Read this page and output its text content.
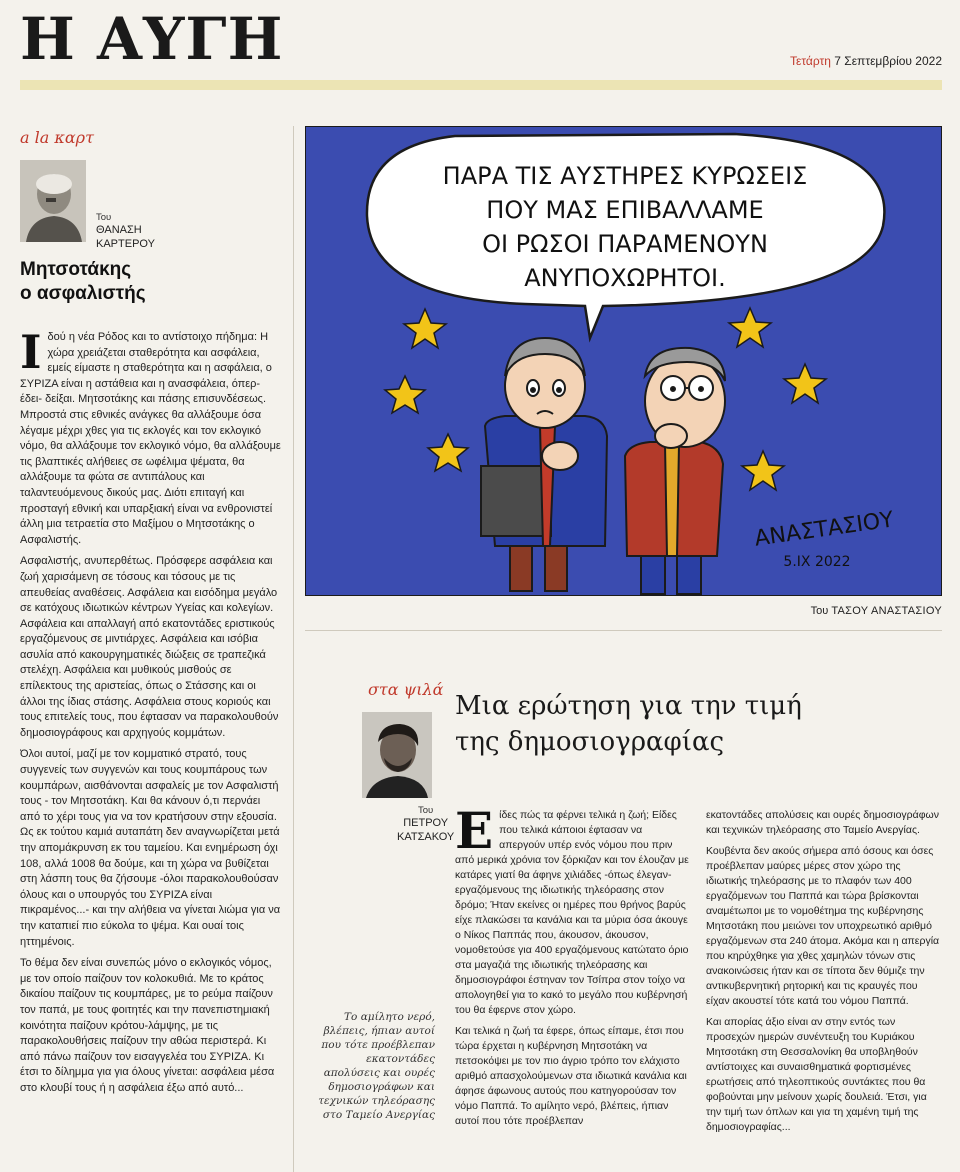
Η ΑΥΓΗ	Τετάρτη 7 Σεπτεμβρίου 2022
a la καρτ
Του
ΘΑΝΑΣΗ
ΚΑΡΤΕΡΟΥ
Μητσοτάκης
ο ασφαλιστής

Ιδού η νέα Ρόδος και το αντίστοιχο πήδημα: Η χώρα χρειάζεται σταθερότητα και ασφάλεια, εμείς είμαστε η σταθερότητα και η ασφάλεια, ο ΣΥΡΙΖΑ είναι η αστάθεια και η ανασφάλεια, όπερ-έδει- δείξαι. Μητσοτάκης και πάσης επισυνδέσεως. Μπροστά στις εθνικές ανάγκες θα αλλάξουμε όσα λέγαμε μέχρι χθες για τις εκλογές και τον εκλογικό νόμο, θα αλλάξουμε τον εκλογικό νόμο, θα αλλάξουμε τις βλαπτικές αλήθειες σε ωφέλιμα ψέματα, θα αλλάξουμε τα φώτα σε αντιπάλους και ταλαντευόμενους δικούς μας. Διότι επιταγή και προσταγή εθνική και υπαρξιακή είναι να ενθρονιστεί άλλη μια τετραετία στο Μαξίμου ο Μητσοτάκης ο Ασφαλιστής.

Ασφαλιστής, ανυπερθέτως. Πρόσφερε ασφάλεια και ζωή χαρισάμενη σε τόσους και τόσους με τις απευθείας αναθέσεις. Ασφάλεια και εισόδημα μεγάλο σε κατόχους ιδιωτικών κέντρων Υγείας και κολεγίων. Ασφάλεια και απαλλαγή από εκατοντάδες εριστικούς εργαζόμενους σε μιντιάρχες. Ασφάλεια και ισόβια ασυλία από κακουργηματικές διώξεις σε τραπεζικά στελέχη. Ασφάλεια και μυθικούς μισθούς σε επίλεκτους της αριστείας, όπως ο Στάσσης και οι άλλοι της ίδιας στάσης. Ασφάλεια στους κοριούς και τους επιτελείς τους, που έφτασαν να παρακολουθούν δημοσιογράφους και αρχηγούς κομμάτων.

Όλοι αυτοί, μαζί με τον κομματικό στρατό, τους συγγενείς των συγγενών και τους κουμπάρους των κουμπάρων, αισθάνονται ασφαλείς με τον Ασφαλιστή τους - τον Μητσοτάκη. Και θα κάνουν ό,τι περνάει από το χέρι τους για να τον κρατήσουν στην εξουσία. Ως εκ τούτου καμιά αυταπάτη δεν αναγνωρίζεται μετά την απομάκρυνση εκ του ταμείου. Και ενημέρωση όχι 108, αλλά 1008 θα δούμε, και τη χώρα να βυθίζεται στη λάσπη τους θα ζήσουμε -όλοι παρακολουθούσαν όλους και ο υπουργός του ΣΥΡΙΖΑ είναι πικραμένος...- και την αλήθεια να γίνεται λιώμα για να την καταπιεί πιο εύκολα το ψέμα. Και ουαί τοις ηττημένοις.

Το θέμα δεν είναι συνεπώς μόνο ο εκλογικός νόμος, με τον οποίο παίζουν τον κολοκυθιά. Με το κράτος δικαίου παίζουν τις κουμπάρες, με το ρεύμα παίζουν τον παπά, με τους φοιτητές και την πανεπιστημιακή κοινότητα παίζουν κρότου-λάμψης, με τις παρακολουθήσεις παίζουν την αθώα περιστερά. Κι από πάνω παίζουν τον εισαγγελέα του ΣΥΡΙΖΑ. Κι έτσι το δίλημμα για για όλους γίνεται: ασφάλεια μέσα στο κλουβί τους ή η ασφάλεια έξω από αυτό...

ΠΑΡΑ ΤΙΣ ΑΥΣΤΗΡΕΣ ΚΥΡΩΣΕΙΣ
ΠΟΥ ΜΑΣ ΕΠΙΒΑΛΛΑΜΕ
ΟΙ ΡΩΣΟΙ ΠΑΡΑΜΕΝΟΥΝ
ΑΝΥΠΟΧΩΡΗΤΟΙ.
ΑΝΑΣΤΑΣΙΟΥ
5.IX 2022
Του ΤΑΣΟΥ ΑΝΑΣΤΑΣΙΟΥ
στα ψιλά
Του
ΠΕΤΡΟΥ
ΚΑΤΣΑΚΟΥ
Μια ερώτηση για την τιμή
της δημοσιογραφίας
Το αμίλητο νερό, βλέπεις, ήπιαν αυτοί που τότε προέβλεπαν εκατοντάδες απολύσεις και ουρές δημοσιογράφων και τεχνικών τηλεόρασης στο Ταμείο Ανεργίας

Είδες πώς τα φέρνει τελικά η ζωή; Είδες που τελικά κάποιοι έφτασαν να απεργούν υπέρ ενός νόμου που πριν από μερικά χρόνια τον ξόρκιζαν και τον έλουζαν με κατάρες γιατί θα άφηνε χιλιάδες -όπως έλεγαν- εργαζόμενους της ιδιωτικής τηλεόρασης στον δρόμο; Ήταν εκείνες οι ημέρες που θρήνος βαρύς είχε πλακώσει τα κανάλια και τα μύρια όσα άκουγε ο Νίκος Παππάς που, άκουσον, άκουσον, νομοθετούσε για 400 εργαζόμενους κατώτατο όριο στα μαγαζιά της ιδιωτικής τηλεόρασης και δημοσιογράφοι έστηναν τον Τσίπρα στον τοίχο να απολογηθεί για το κακό το μεγάλο που κυβέρνησή του θα έφερνε στον χώρο.

Και τελικά η ζωή τα έφερε, όπως είπαμε, έτσι που τώρα έρχεται η κυβέρνηση Μητσοτάκη να πετσοκόψει με τον πιο άγριο τρόπο τον ελάχιστο αριθμό απασχολούμενων στα ιδιωτικά κανάλια και άφησε άφωνους αυτούς που κατηγορούσαν τον νόμο Παππά. Το αμίλητο νερό, βλέπεις, ήπιαν αυτοί που τότε προέβλεπαν

εκατοντάδες απολύσεις και ουρές δημοσιογράφων και τεχνικών τηλεόρασης στο Ταμείο Ανεργίας.

Κουβέντα δεν ακούς σήμερα από όσους και όσες προέβλεπαν μαύρες μέρες στον χώρο της ιδιωτικής τηλεόρασης με το πλαφόν των 400 εργαζόμενων του Παππά και τώρα βρίσκονται αναμέτωποι με το νομοθέτημα της κυβέρνησης Μητσοτάκη που μειώνει τον υποχρεωτικό αριθμό εργαζόμενων στα 240 άτομα. Ακόμα και η απεργία που κηρύχθηκε για χθες χαμηλών τόνων στις ανακοινώσεις ήταν και σε τίποτα δεν θύμιζε την αντικυβερνητική ρητορική και τις κραυγές που είχαν ακουστεί τότε κατά του νόμου Παππά.

Και απορίας άξιο είναι αν στην εντός των προσεχών ημερών συνέντευξη του Κυριάκου Μητσοτάκη στη Θεσσαλονίκη θα υποβληθούν αντίστοιχες και συναισθηματικά φορτισμένες ερωτήσεις από τηλεοπτικούς συντάκτες που θα φοβούνται μην μείνουν χωρίς δουλειά. Έτσι, για την τιμή των όπλων και για τη χαμένη τιμή της δημοσιογραφίας...
